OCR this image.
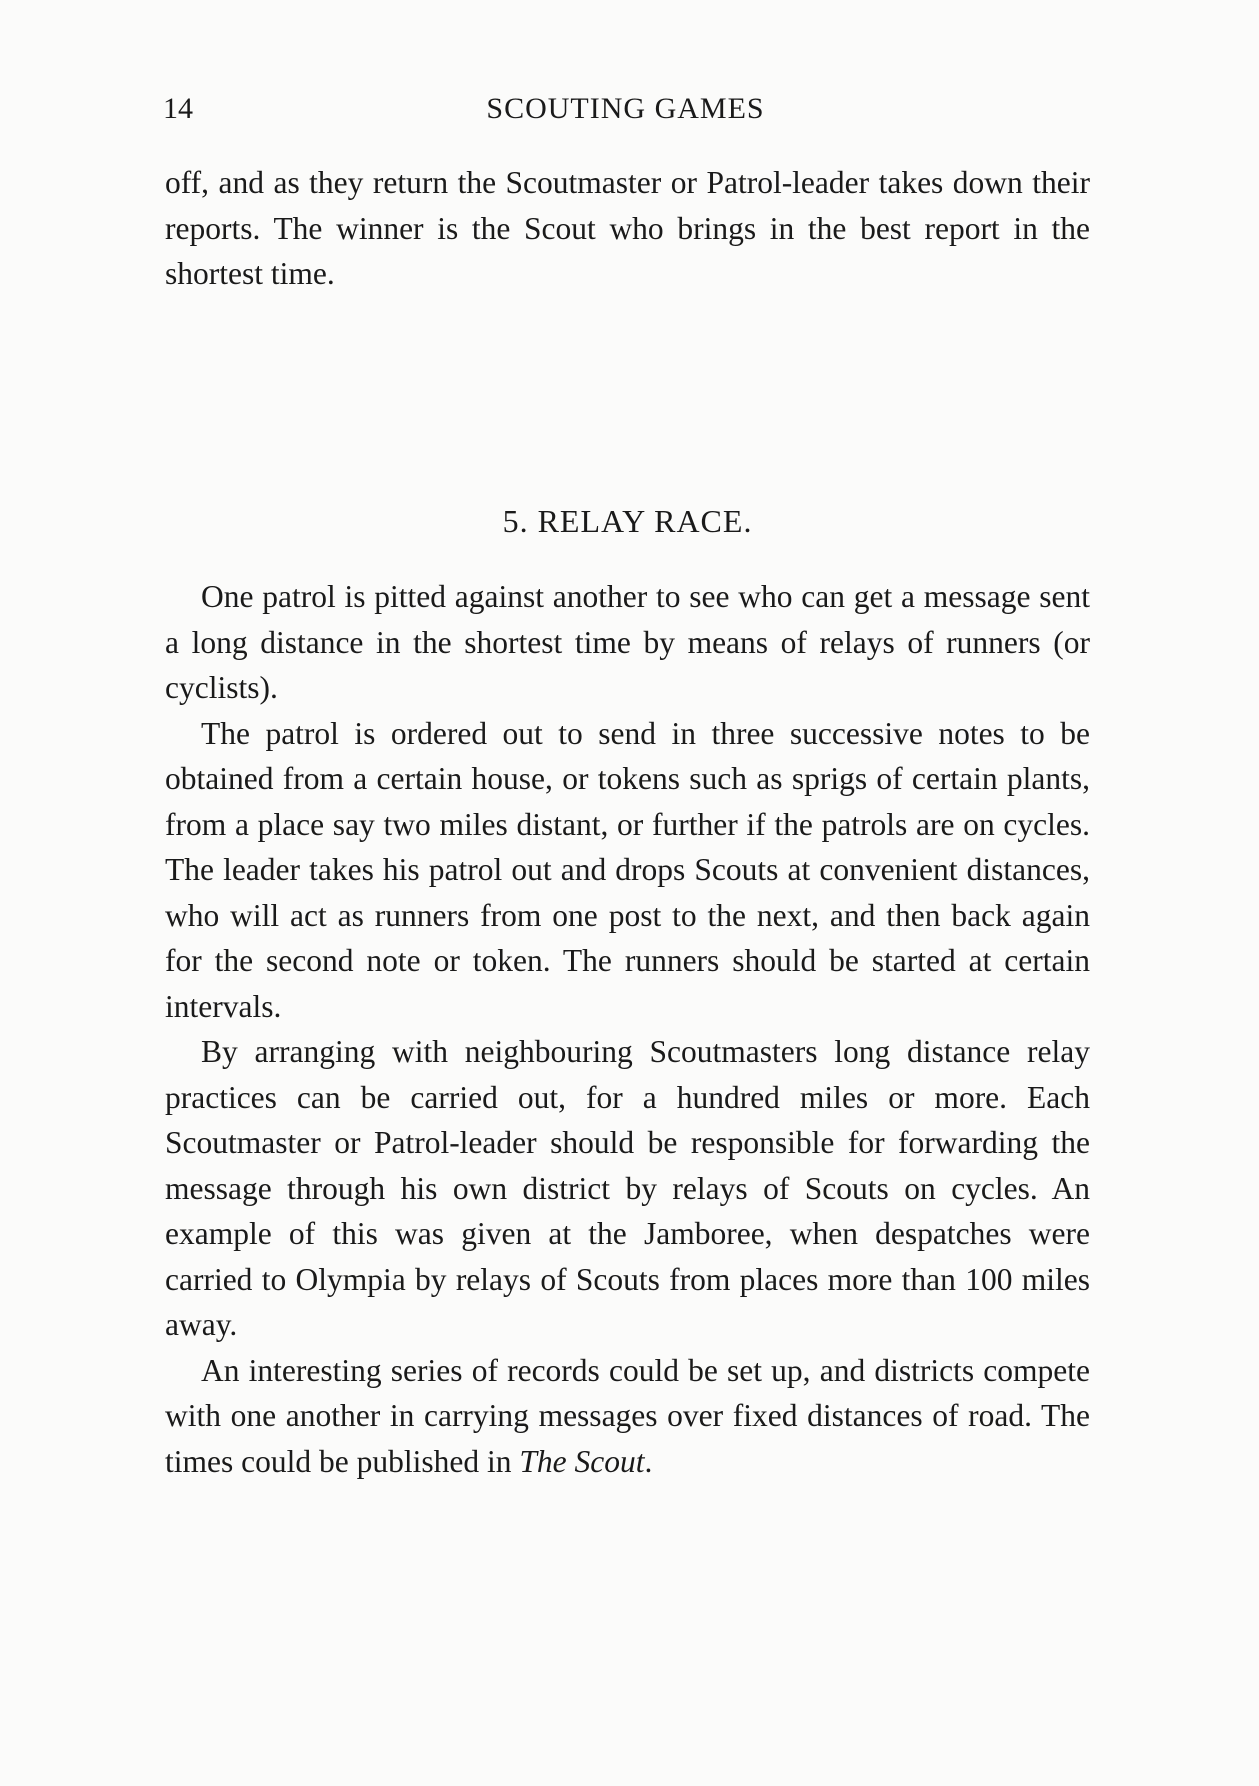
14	SCOUTING GAMES

off, and as they return the Scoutmaster or Patrol-leader takes down their reports. The winner is the Scout who brings in the best report in the shortest time.

5. RELAY RACE.

One patrol is pitted against another to see who can get a message sent a long distance in the shortest time by means of relays of runners (or cyclists).

The patrol is ordered out to send in three successive notes to be obtained from a certain house, or tokens such as sprigs of certain plants, from a place say two miles distant, or further if the patrols are on cycles. The leader takes his patrol out and drops Scouts at convenient distances, who will act as runners from one post to the next, and then back again for the second note or token. The runners should be started at certain intervals.

By arranging with neighbouring Scoutmasters long distance relay practices can be carried out, for a hundred miles or more. Each Scoutmaster or Patrol-leader should be responsible for forwarding the message through his own district by relays of Scouts on cycles. An example of this was given at the Jamboree, when despatches were carried to Olympia by relays of Scouts from places more than 100 miles away.

An interesting series of records could be set up, and districts compete with one another in carrying messages over fixed distances of road. The times could be published in The Scout.
